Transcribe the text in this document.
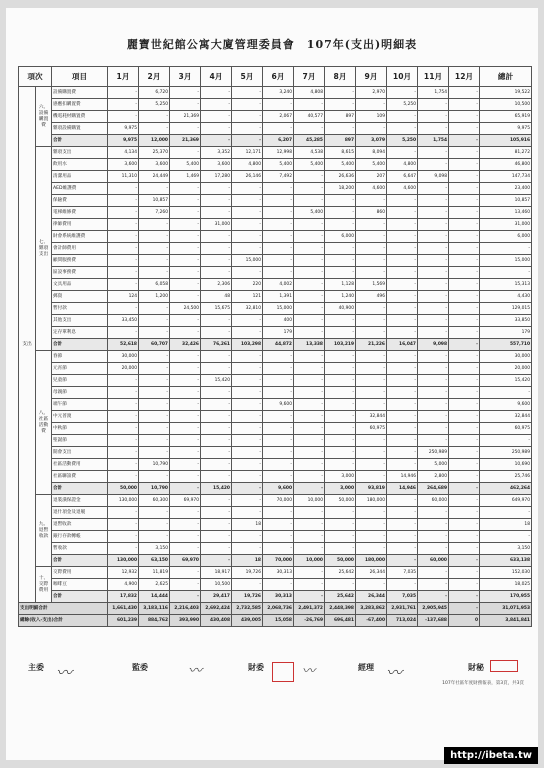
麗寶世紀館公寓大廈管理委員會　107年(支出)明細表
項次		項目	1月	2月	3月	4月	5月	6月	7月	8月	9月	10月	11月	12月	總計
支出	六、設備購置費	設備購置費	-	6,720	-	-	-	3,240	4,808	-	2,970	-	1,754	-	19,522
		感應扣購置費	-	5,250	-	-	-	-	-	-	-	5,250	-	-	10,500
		機電耗材購置費	-	-	21,369	-	-	2,067	40,577	897	109	-	-	-	65,919
		雜項設備購置	9,975	-	-	-	-	-	-	-	-	-	-	-	9,975
		合計	9,975	12,000	21,369	-	-	6,207	45,285	897	3,079	5,250	1,754	-	105,916
	七、雜項支出	雜項支出	4,134	25,370	-	3,352	12,171	12,998	4,538	8,615	8,094	-	-	-	81,272
		飲用水	3,600	3,600	5,400	3,600	4,800	5,400	5,400	5,400	5,400	4,800	-	-	46,800
		清潔用品	11,310	24,449	1,469	17,280	26,146	7,492	-	26,636	207	6,647	9,098	-	147,734
		AED維護費	-	-	-	-	-	-	-	18,200	4,600	4,600	-	-	23,400
		保險費	-	10,857	-	-	-	-	-	-	-	-	-	-	10,857
		電梯維修費	-	7,260	-	-	-	-	5,400	-	860	-	-	-	13,460
		律師費用	-	-	-	31,000	-	-	-	-	-	-	-	-	31,000
		財會系統維護費	-	-	-	-	-	-	-	6,000	-	-	-	-	6,000
		會計師費用	-	-	-	-	-	-	-	-	-	-	-	-	-
		顧問服務費	-	-	-	-	15,000	-	-	-	-	-	-	-	15,000
		區設事務費	-	-	-	-	-	-	-	-	-	-	-	-	-
		文具用品	-	6,058	-	2,306	220	4,002	-	1,128	1,569	-	-	-	15,313
		郵資	124	1,200	-	48	121	1,391	-	1,240	496	-	-	-	4,430
		暫付款	-	-	24,500	15,675	32,810	15,000	-	40,900	-	-	-	-	129,015
		其他支出	33,450	-	-	-	-	400	-	-	-	-	-	-	33,850
		定存單利息	-	-	-	-	-	179	-	-	-	-	-	-	179
		合計	52,618	60,707	32,426	76,261	103,298	44,872	13,338	103,219	21,226	16,047	9,098	-	557,710
	八、社區活動費	春節	30,000	-	-	-	-	-	-	-	-	-	-	-	30,000
		元宵節	20,000	-	-	-	-	-	-	-	-	-	-	-	20,000
		兒童節	-	-	-	15,420	-	-	-	-	-	-	-	-	15,420
		母親節	-	-	-	-	-	-	-	-	-	-	-	-	-
		端午節	-	-	-	-	-	9,600	-	-	-	-	-	-	9,600
		中元普渡	-	-	-	-	-	-	-	-	32,844	-	-	-	32,844
		中秋節	-	-	-	-	-	-	-	-	60,975	-	-	-	60,975
		聖誕節	-	-	-	-	-	-	-	-	-	-	-	-	-
		開會支出	-	-	-	-	-	-	-	-	-	-	250,989	-	250,989
		社區活動費用	-	10,790	-	-	-	-	-	-	-	-	5,000	-	10,690
		社區聯誼費	-	-	-	-	-	-	-	3,000	-	14,946	2,800	-	25,746
		合計	50,000	10,790	-	15,420	-	9,600	-	3,000	93,819	14,946	264,689	-	462,264
	九、退暫收款	退裝潢保證金	130,000	60,300	69,970	-	-	70,000	10,000	50,000	180,000	-	60,000	-	649,970
		退什項金及退履	-	-	-	-	-	-	-	-	-	-	-	-	-
		退暫收款	-	-	-	-	18	-	-	-	-	-	-	-	18
		銀行存款轉帳	-	-	-	-	-	-	-	-	-	-	-	-	-
		暫收款	-	3,150	-	-	-	-	-	-	-	-	-	-	3,150
		合計	130,000	63,150	69,970	-	18	70,000	10,000	50,000	180,000	-	60,000	-	633,138
	十、交際費用	交際費用	12,932	11,819	-	18,917	19,726	30,313	-	25,642	26,344	7,035	-	-	152,030
		咖啡豆	4,900	2,625	-	10,500	-	-	-	-	-	-	-	-	18,025
		合計	17,832	14,444	-	29,417	19,726	30,313	-	25,642	26,344	7,035	-	-	170,955
支出明細合計			1,661,430	3,183,116	2,216,403	2,692,424	2,732,585	2,068,736	2,491,372	2,448,398	3,283,862	2,931,761	2,905,945	-	31,071,953
總餘(收入-支出)合計			601,239	884,762	393,990	430,408	439,005	15,058	-26,769	696,481	-67,400	713,024	-137,688	0	3,841,841
主委 〰	監委	〰	財委	〰	經理 〰	財秘
107年社區年度財務報表，第3頁，共3頁
http://ibeta.tw
